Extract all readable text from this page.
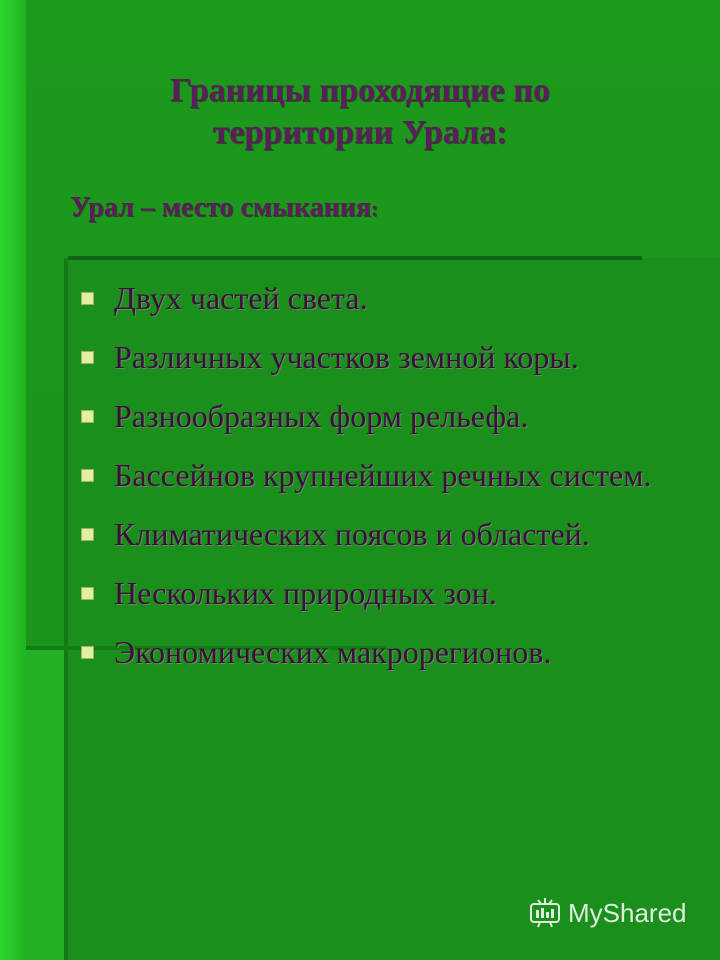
Границы проходящие по
территории Урала:
Урал – место смыкания:
Двух частей света.
Различных участков земной коры.
Разнообразных форм рельефа.
Бассейнов крупнейших речных систем.
Климатических поясов и областей.
Нескольких природных зон.
Экономических макрорегионов.
MyShared
